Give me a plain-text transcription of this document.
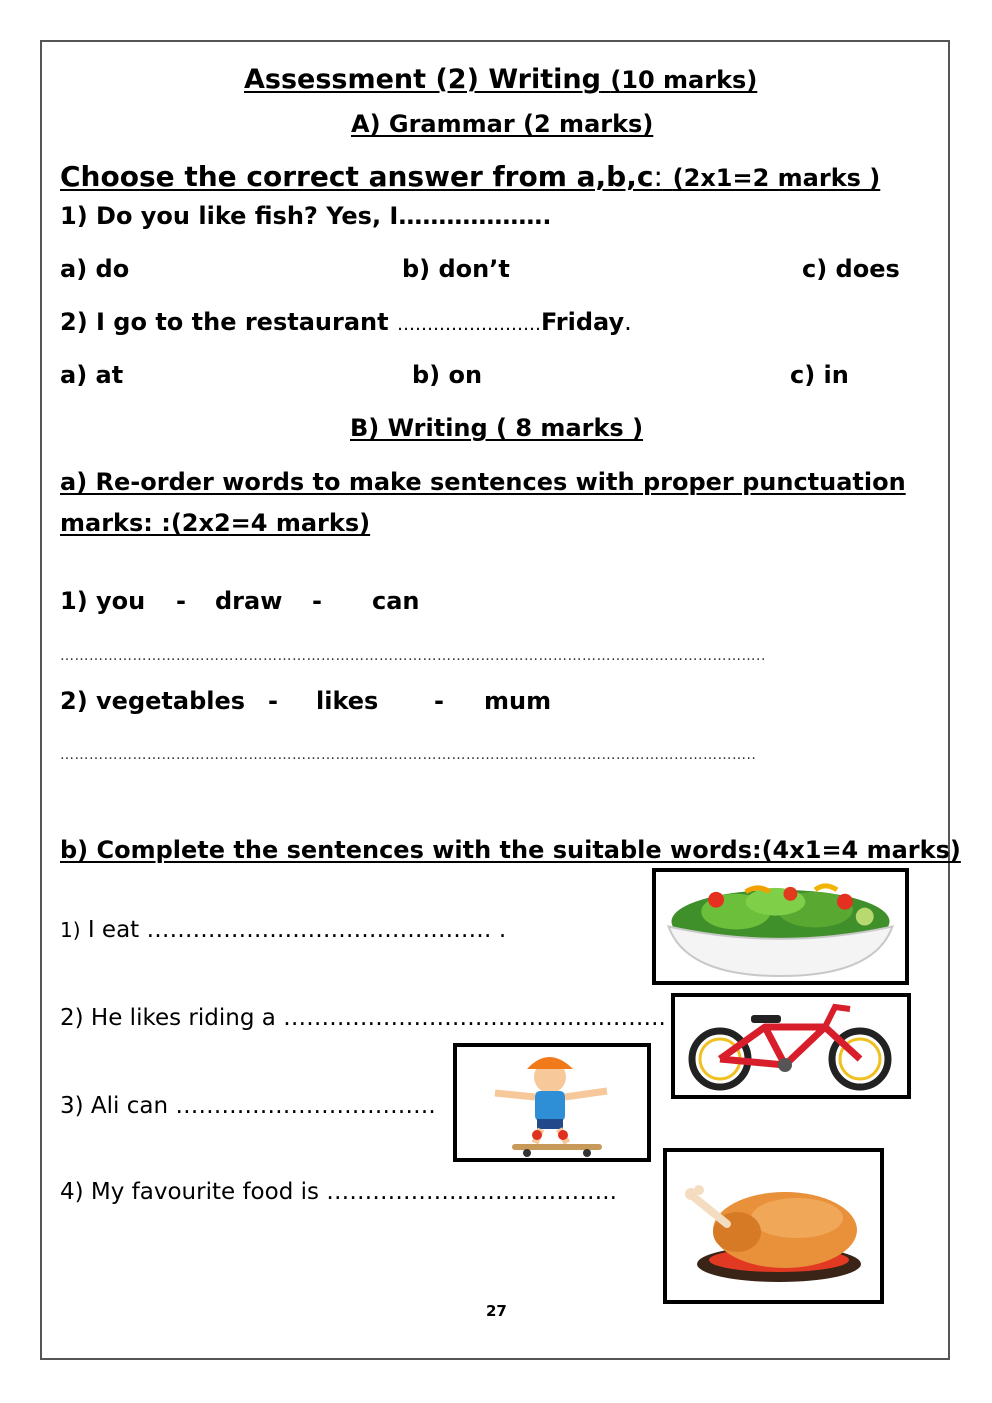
Assessment (2) Writing (10 marks)
A) Grammar (2 marks)
Choose the correct answer from a,b,c: (2x1=2 marks )
1) Do you like fish? Yes, I……………….
a) do	b) don’t	c) does
2) I go to the restaurant ……………………Friday.
a) at	b) on	c) in
B) Writing ( 8 marks )
a) Re-order words to make sentences with proper punctuation
marks: :(2x2=4 marks)
1) you - draw - can
………………………………………………………………………………………………………………………………..
2) vegetables - likes - mum
…………………………………………………………………………………………….………………………………..
b) Complete the sentences with the suitable words:(4x1=4 marks)
1) I eat ……………………………………… .
2) He likes riding a …………………………………………..
3) Ali can …………………………….
4) My favourite food is ………………………………..
27
